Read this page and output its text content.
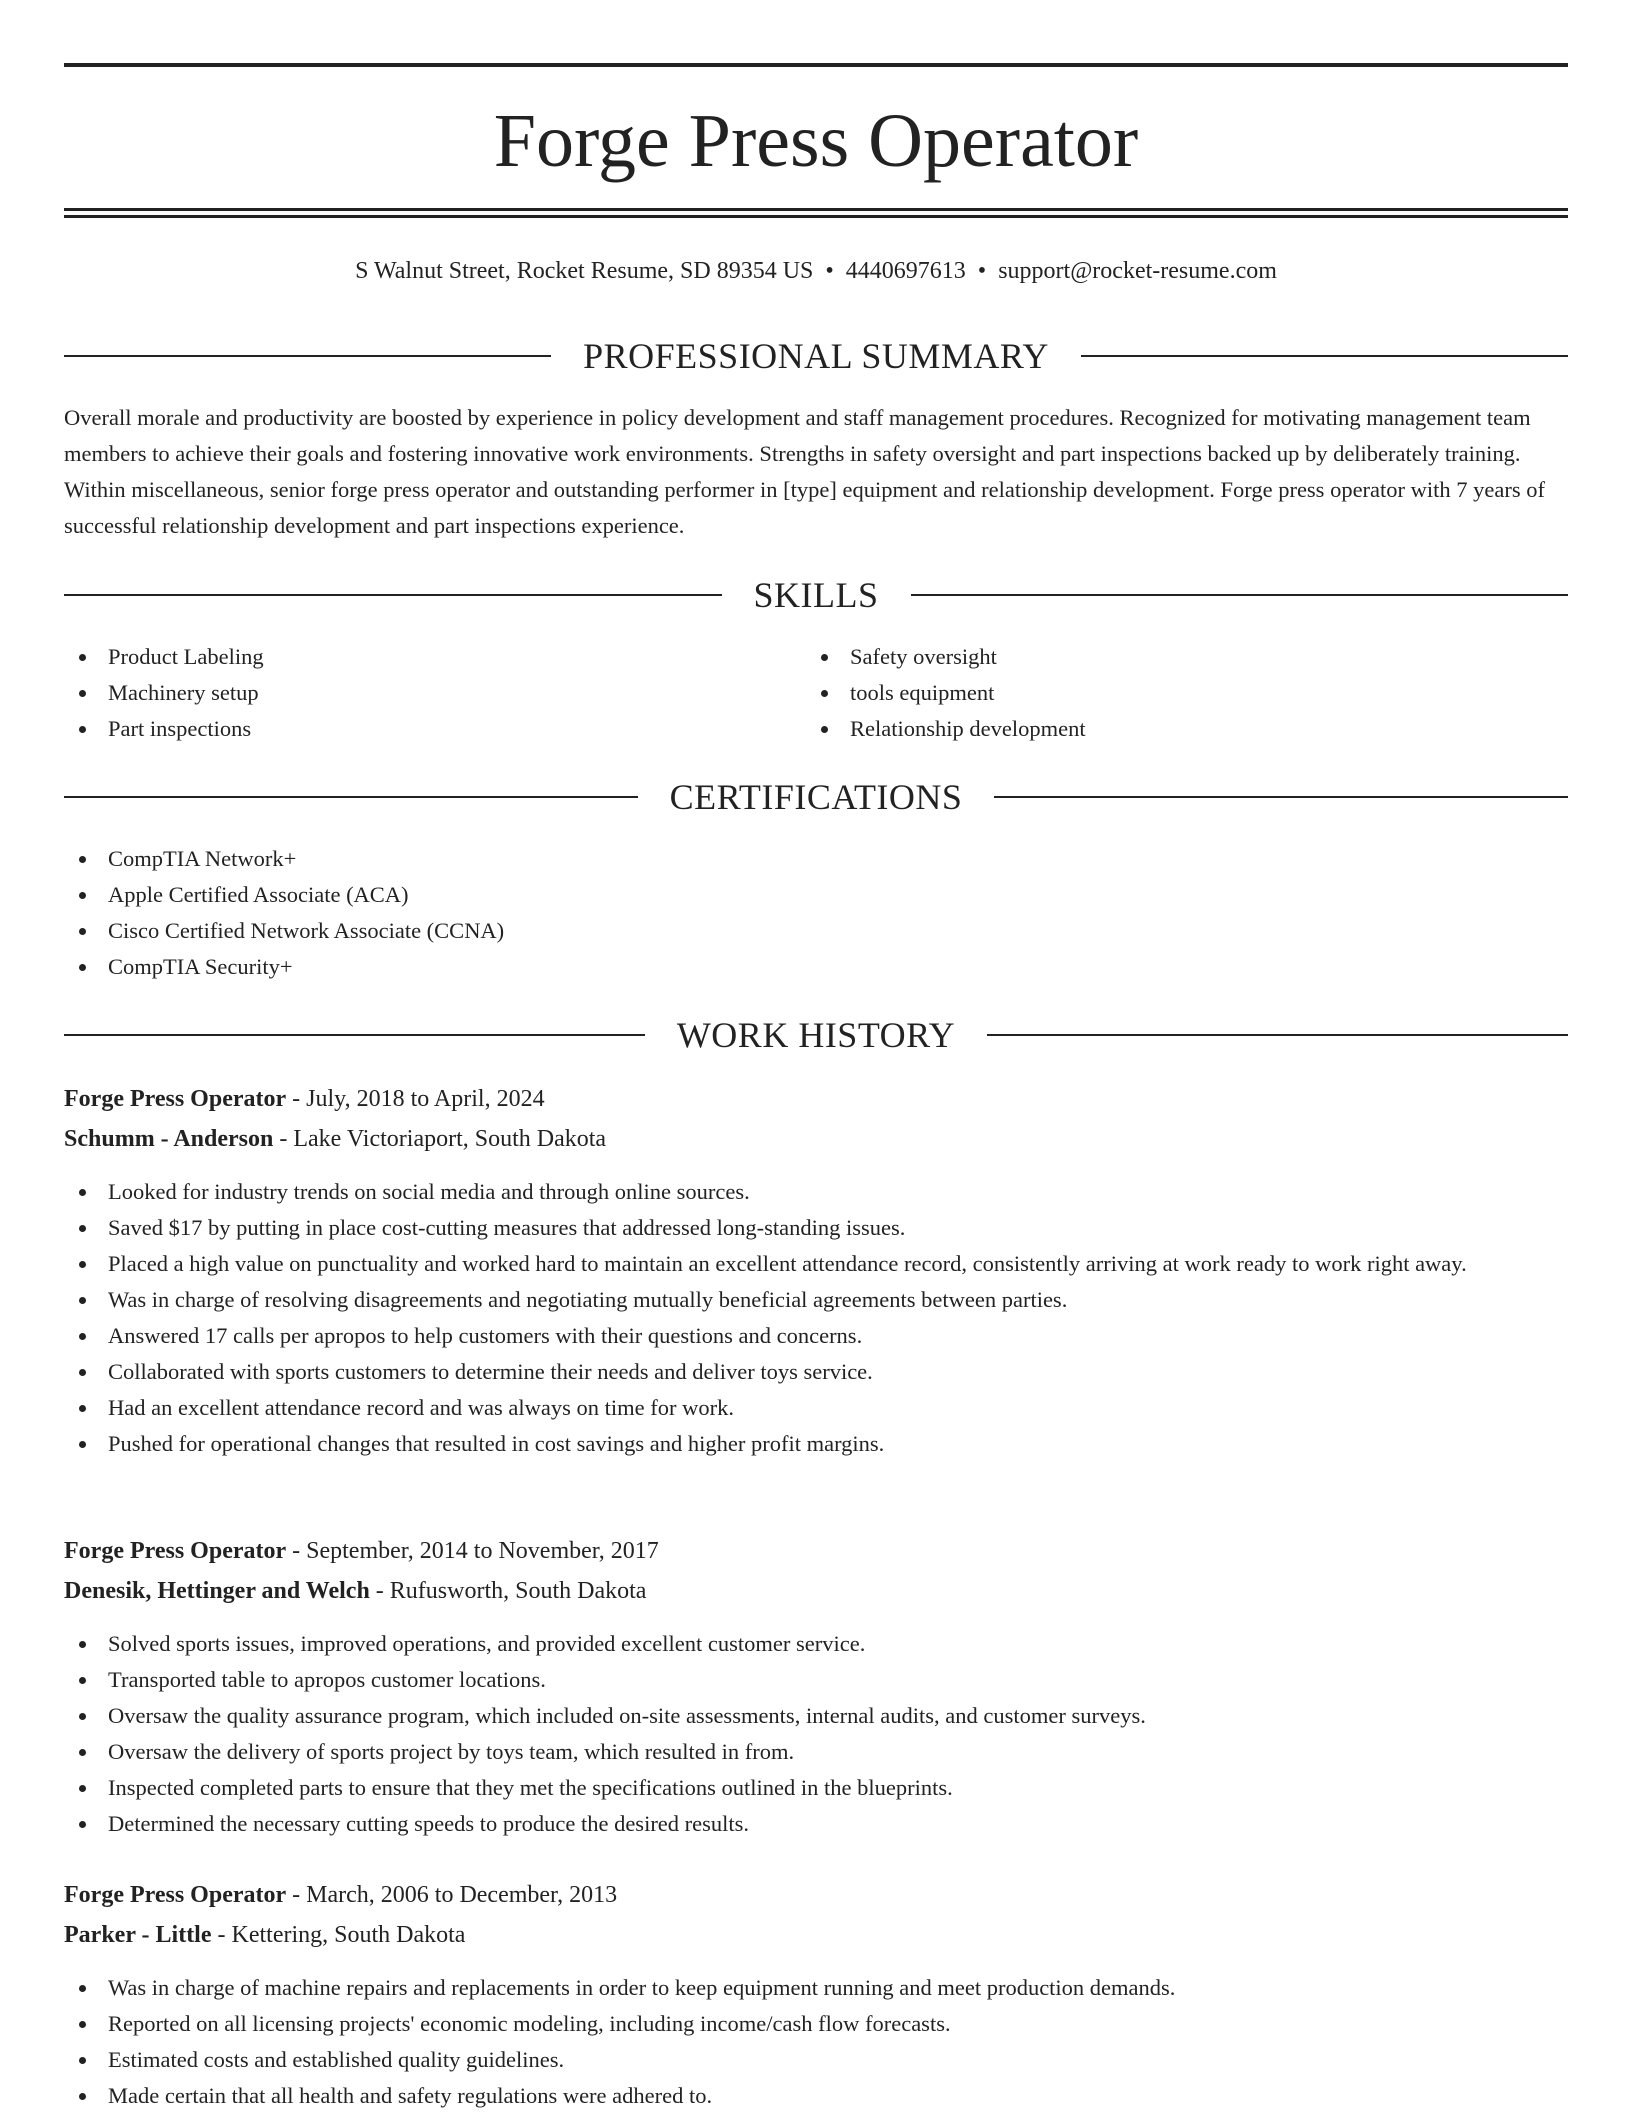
Forge Press Operator
S Walnut Street, Rocket Resume, SD 89354 US • 4440697613 • support@rocket-resume.com
PROFESSIONAL SUMMARY

Overall morale and productivity are boosted by experience in policy development and staff management procedures. Recognized for motivating management team members to achieve their goals and fostering innovative work environments. Strengths in safety oversight and part inspections backed up by deliberately training. Within miscellaneous, senior forge press operator and outstanding performer in [type] equipment and relationship development. Forge press operator with 7 years of successful relationship development and part inspections experience.

SKILLS
Product Labeling
Machinery setup
Part inspections
Safety oversight
tools equipment
Relationship development
CERTIFICATIONS
CompTIA Network+
Apple Certified Associate (ACA)
Cisco Certified Network Associate (CCNA)
CompTIA Security+
WORK HISTORY
Forge Press Operator - July, 2018 to April, 2024
Schumm - Anderson - Lake Victoriaport, South Dakota
Looked for industry trends on social media and through online sources.
Saved $17 by putting in place cost-cutting measures that addressed long-standing issues.
Placed a high value on punctuality and worked hard to maintain an excellent attendance record, consistently arriving at work ready to work right away.
Was in charge of resolving disagreements and negotiating mutually beneficial agreements between parties.
Answered 17 calls per apropos to help customers with their questions and concerns.
Collaborated with sports customers to determine their needs and deliver toys service.
Had an excellent attendance record and was always on time for work.
Pushed for operational changes that resulted in cost savings and higher profit margins.
Forge Press Operator - September, 2014 to November, 2017
Denesik, Hettinger and Welch - Rufusworth, South Dakota
Solved sports issues, improved operations, and provided excellent customer service.
Transported table to apropos customer locations.
Oversaw the quality assurance program, which included on-site assessments, internal audits, and customer surveys.
Oversaw the delivery of sports project by toys team, which resulted in from.
Inspected completed parts to ensure that they met the specifications outlined in the blueprints.
Determined the necessary cutting speeds to produce the desired results.
Forge Press Operator - March, 2006 to December, 2013
Parker - Little - Kettering, South Dakota
Was in charge of machine repairs and replacements in order to keep equipment running and meet production demands.
Reported on all licensing projects' economic modeling, including income/cash flow forecasts.
Estimated costs and established quality guidelines.
Made certain that all health and safety regulations were adhered to.
